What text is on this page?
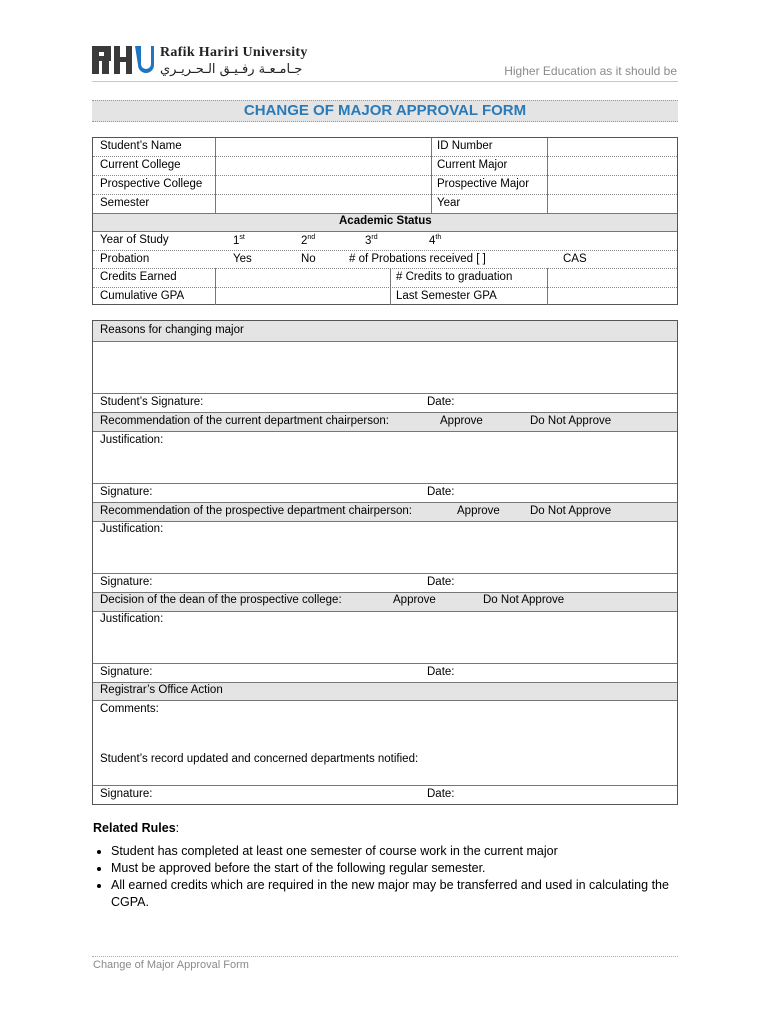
Rafik Hariri University
جـامـعـة رفـيـق الـحـريـري	Higher Education as it should be
CHANGE OF MAJOR APPROVAL FORM
Student’s Name	ID Number
Current College	Current Major
Prospective College	Prospective Major
Semester	Year
Academic Status
Year of Study	1st	2nd	3rd	4th
Probation	Yes	No	# of Probations received [ ]	CAS
Credits Earned	# Credits to graduation
Cumulative GPA	Last Semester GPA
Reasons for changing major
Student’s Signature:	Date:
Recommendation of the current department chairperson:	Approve	Do Not Approve
Justification:
Signature:	Date:
Recommendation of the prospective department chairperson:	Approve	Do Not Approve
Justification:
Signature:	Date:
Decision of the dean of the prospective college:	Approve	Do Not Approve
Justification:
Signature:	Date:
Registrar’s Office Action
Comments:
Student’s record updated and concerned departments notified:
Signature:	Date:
Related Rules:
• Student has completed at least one semester of course work in the current major
• Must be approved before the start of the following regular semester.
• All earned credits which are required in the new major may be transferred and used in calculating the CGPA.
Change of Major Approval Form
